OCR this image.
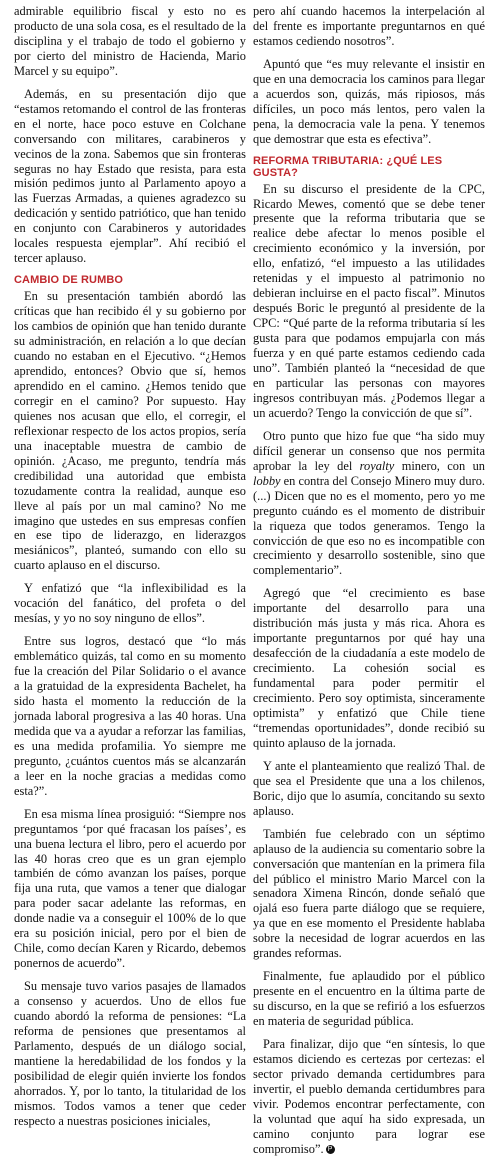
admirable equilibrio fiscal y esto no es producto de una sola cosa, es el resultado de la disciplina y el trabajo de todo el gobierno y por cierto del ministro de Hacienda, Mario Marcel y su equipo”.

Además, en su presentación dijo que “estamos retomando el control de las fronteras en el norte, hace poco estuve en Colchane conversando con militares, carabineros y vecinos de la zona. Sabemos que sin fronteras seguras no hay Estado que resista, para esta misión pedimos junto al Parlamento apoyo a las Fuerzas Armadas, a quienes agradezco su dedicación y sentido patriótico, que han tenido en conjunto con Carabineros y autoridades locales respuesta ejemplar”. Ahí recibió el tercer aplauso.

CAMBIO DE RUMBO

En su presentación también abordó las críticas que han recibido él y su gobierno por los cambios de opinión que han tenido durante su administración, en relación a lo que decían cuando no estaban en el Ejecutivo. “¿Hemos aprendido, entonces? Obvio que sí, hemos aprendido en el camino. ¿Hemos tenido que corregir en el camino? Por supuesto. Hay quienes nos acusan que ello, el corregir, el reflexionar respecto de los actos propios, sería una inaceptable muestra de cambio de opinión. ¿Acaso, me pregunto, tendría más credibilidad una autoridad que embista tozudamente contra la realidad, aunque eso lleve al país por un mal camino? No me imagino que ustedes en sus empresas confíen en ese tipo de liderazgo, en liderazgos mesiánicos”, planteó, sumando con ello su cuarto aplauso en el discurso.

Y enfatizó que “la inflexibilidad es la vocación del fanático, del profeta o del mesías, y yo no soy ninguno de ellos”.

Entre sus logros, destacó que “lo más emblemático quizás, tal como en su momento fue la creación del Pilar Solidario o el avance a la gratuidad de la expresidenta Bachelet, ha sido hasta el momento la reducción de la jornada laboral progresiva a las 40 horas. Una medida que va a ayudar a reforzar las familias, es una medida profamilia. Yo siempre me pregunto, ¿cuántos cuentos más se alcanzarán a leer en la noche gracias a medidas como esta?”.

En esa misma línea prosiguió: “Siempre nos preguntamos ‘por qué fracasan los países’, es una buena lectura el libro, pero el acuerdo por las 40 horas creo que es un gran ejemplo también de cómo avanzan los países, porque fija una ruta, que vamos a tener que dialogar para poder sacar adelante las reformas, en donde nadie va a conseguir el 100% de lo que era su posición inicial, pero por el bien de Chile, como decían Karen y Ricardo, debemos ponernos de acuerdo”.

Su mensaje tuvo varios pasajes de llamados a consenso y acuerdos. Uno de ellos fue cuando abordó la reforma de pensiones: “La reforma de pensiones que presentamos al Parlamento, después de un diálogo social, mantiene la heredabilidad de los fondos y la posibilidad de elegir quién invierte los fondos ahorrados. Y, por lo tanto, la titularidad de los mismos. Todos vamos a tener que ceder respecto a nuestras posiciones iniciales,

pero ahí cuando hacemos la interpelación al del frente es importante preguntarnos en qué estamos cediendo nosotros”.

Apuntó que “es muy relevante el insistir en que en una democracia los caminos para llegar a acuerdos son, quizás, más ripiosos, más difíciles, un poco más lentos, pero valen la pena, la democracia vale la pena. Y tenemos que demostrar que esta es efectiva”.

REFORMA TRIBUTARIA: ¿QUÉ LES GUSTA?

En su discurso el presidente de la CPC, Ricardo Mewes, comentó que se debe tener presente que la reforma tributaria que se realice debe afectar lo menos posible el crecimiento económico y la inversión, por ello, enfatizó, “el impuesto a las utilidades retenidas y el impuesto al patrimonio no debieran incluirse en el pacto fiscal”. Minutos después Boric le preguntó al presidente de la CPC: “Qué parte de la reforma tributaria sí les gusta para que podamos empujarla con más fuerza y en qué parte estamos cediendo cada uno”. También planteó la “necesidad de que en particular las personas con mayores ingresos contribuyan más. ¿Podemos llegar a un acuerdo? Tengo la convicción de que sí”.

Otro punto que hizo fue que “ha sido muy difícil generar un consenso que nos permita aprobar la ley del royalty minero, con un lobby en contra del Consejo Minero muy duro. (...) Dicen que no es el momento, pero yo me pregunto cuándo es el momento de distribuir la riqueza que todos generamos. Tengo la convicción de que eso no es incompatible con crecimiento y desarrollo sostenible, sino que complementario”.

Agregó que “el crecimiento es base importante del desarrollo para una distribución más justa y más rica. Ahora es importante preguntarnos por qué hay una desafección de la ciudadanía a este modelo de crecimiento. La cohesión social es fundamental para poder permitir el crecimiento. Pero soy optimista, sinceramente optimista” y enfatizó que Chile tiene “tremendas oportunidades”, donde recibió su quinto aplauso de la jornada.

Y ante el planteamiento que realizó Thal. de que sea el Presidente que una a los chilenos, Boric, dijo que lo asumía, concitando su sexto aplauso.

También fue celebrado con un séptimo aplauso de la audiencia su comentario sobre la conversación que mantenían en la primera fila del público el ministro Mario Marcel con la senadora Ximena Rincón, donde señaló que ojalá eso fuera parte diálogo que se requiere, ya que en ese momento el Presidente hablaba sobre la necesidad de lograr acuerdos en las grandes reformas.

Finalmente, fue aplaudido por el público presente en el encuentro en la última parte de su discurso, en la que se refirió a los esfuerzos en materia de seguridad pública.

Para finalizar, dijo que “en síntesis, lo que estamos diciendo es certezas por certezas: el sector privado demanda certidumbres para invertir, el pueblo demanda certidumbres para vivir. Podemos encontrar perfectamente, con la voluntad que aquí ha sido expresada, un camino conjunto para lograr ese compromiso”. P
